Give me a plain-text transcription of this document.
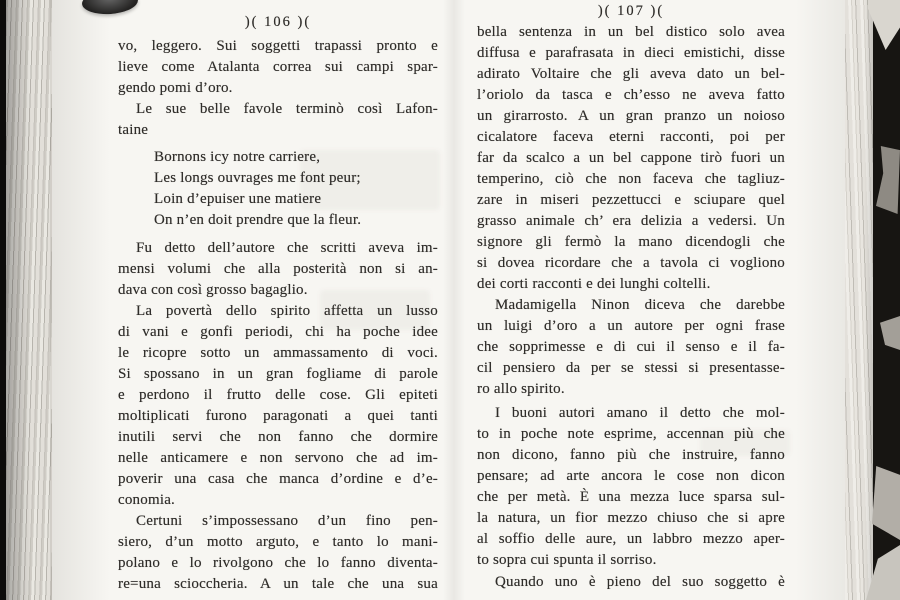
)( 106 )(
vo, leggero. Sui soggetti trapassi pronto e
lieve come Atalanta correa sui campi spar-
gendo pomi d’oro.
Le sue belle favole terminò così Lafon-
taine
Bornons icy notre carriere,
Les longs ouvrages me font peur;
Loin d’epuiser une matiere
On n’en doit prendre que la fleur.
Fu detto dell’autore che scritti aveva im-
mensi volumi che alla posterità non si an-
dava con così grosso bagaglio.
La povertà dello spirito affetta un lusso
di vani e gonfi periodi, chi ha poche idee
le ricopre sotto un ammassamento di voci.
Si spossano in un gran fogliame di parole
e perdono il frutto delle cose. Gli epiteti
moltiplicati furono paragonati a quei tanti
inutili servi che non fanno che dormire
nelle anticamere e non servono che ad im-
poverir una casa che manca d’ordine e d’e-
conomia.
Certuni s’impossessano d’un fino pen-
siero, d’un motto arguto, e tanto lo mani-
polano e lo rivolgono che lo fanno diventa-
re=una scioccheria. A un tale che una sua
)( 107 )(
bella sentenza in un bel distico solo avea
diffusa e parafrasata in dieci emistichi, disse
adirato Voltaire che gli aveva dato un bel-
l’oriolo da tasca e ch’esso ne aveva fatto
un girarrosto. A un gran pranzo un noioso
cicalatore faceva eterni racconti, poi per
far da scalco a un bel cappone tirò fuori un
temperino, ciò che non faceva che tagliuz-
zare in miseri pezzettucci e sciupare quel
grasso animale ch’ era delizia a vedersi. Un
signore gli fermò la mano dicendogli che
si dovea ricordare che a tavola ci vogliono
dei corti racconti e dei lunghi coltelli.
Madamigella Ninon diceva che darebbe
un luigi d’oro a un autore per ogni frase
che sopprimesse e di cui il senso e il fa-
cil pensiero da per se stessi si presentasse-
ro allo spirito.
I buoni autori amano il detto che mol-
to in poche note esprime, accennan più che
non dicono, fanno più che instruire, fanno
pensare; ad arte ancora le cose non dicon
che per metà. È una mezza luce sparsa sul-
la natura, un fior mezzo chiuso che si apre
al soffio delle aure, un labbro mezzo aper-
to sopra cui spunta il sorriso.
Quando uno è pieno del suo soggetto è
